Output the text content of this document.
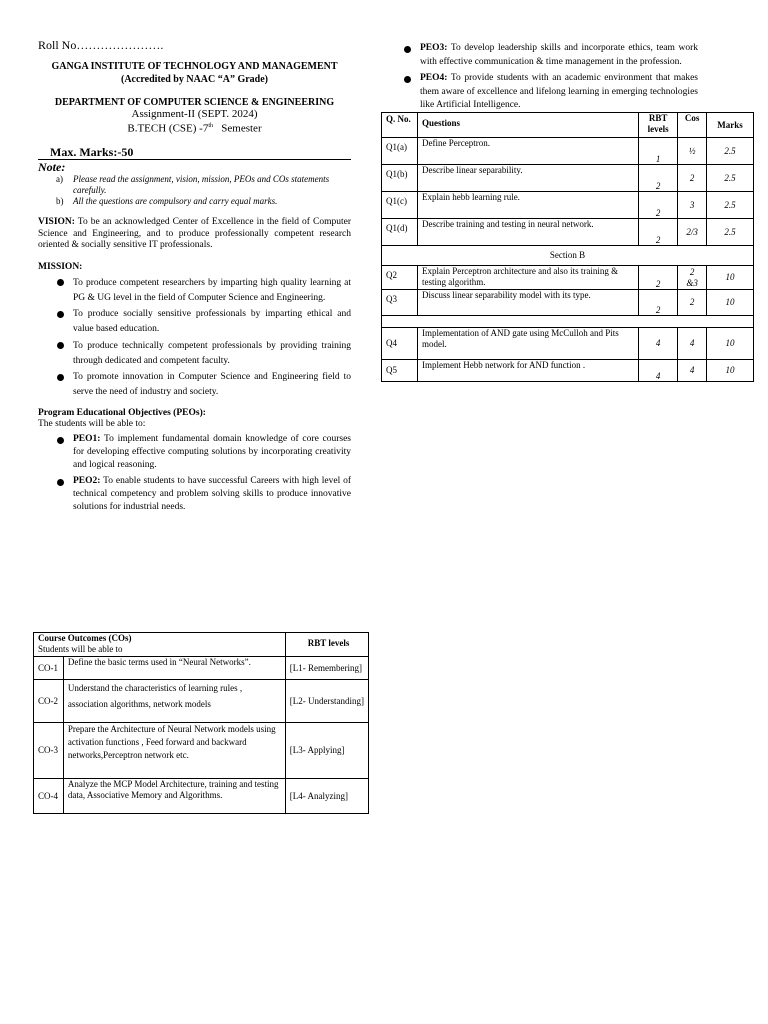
Roll No………………….
GANGA INSTITUTE OF TECHNOLOGY AND MANAGEMENT
(Accredited by NAAC “A” Grade)
DEPARTMENT OF COMPUTER SCIENCE & ENGINEERING
Assignment-II (SEPT. 2024)
B.TECH (CSE) -7th Semester
Max. Marks:-50
Note:
a) Please read the assignment, vision, mission, PEOs and COs statements carefully.
b) All the questions are compulsory and carry equal marks.
VISION: To be an acknowledged Center of Excellence in the field of Computer Science and Engineering, and to produce professionally competent research oriented & socially sensitive IT professionals.
MISSION:
To produce competent researchers by imparting high quality learning at PG & UG level in the field of Computer Science and Engineering.
To produce socially sensitive professionals by imparting ethical and value based education.
To produce technically competent professionals by providing training through dedicated and competent faculty.
To promote innovation in Computer Science and Engineering field to serve the need of industry and society.
Program Educational Objectives (PEOs):
The students will be able to:
PEO1: To implement fundamental domain knowledge of core courses for developing effective computing solutions by incorporating creativity and logical reasoning.
PEO2: To enable students to have successful Careers with high level of technical competency and problem solving skills to produce innovative solutions for industrial needs.
PEO3: To develop leadership skills and incorporate ethics, team work with effective communication & time management in the profession.
PEO4: To provide students with an academic environment that makes them aware of excellence and lifelong learning in emerging technologies like Artificial Intelligence.
Q. No.	Questions	RBT levels	Cos	Marks
Q1(a)	Define Perceptron.	1	½	2.5
Q1(b)	Describe linear separability.	2	2	2.5
Q1(c)	Explain hebb learning rule.	2	3	2.5
Q1(d)	Describe training and testing in neural network.	2	2/3	2.5
Section B				
Q2	Explain Perceptron architecture and also its training & testing algorithm.	2	2 &3	10
Q3	Discuss linear separability model with its type.	2	2	10

Q4	Implementation of AND gate using McCulloh and Pits model.	4	4	10
Q5	Implement Hebb network for AND function .	4	4	10
Course Outcomes (COs)
Students will be able to		RBT levels
CO-1	Define the basic terms used in “Neural Networks”.	[L1- Remembering]
CO-2	Understand the characteristics of learning rules , association algorithms, network models	[L2- Understanding]
CO-3	Prepare the Architecture of Neural Network models using activation functions , Feed forward and backward networks,Perceptron network etc.	[L3- Applying]
CO-4	Analyze the MCP Model Architecture, training and testing data, Associative Memory and Algorithms.	[L4- Analyzing]
